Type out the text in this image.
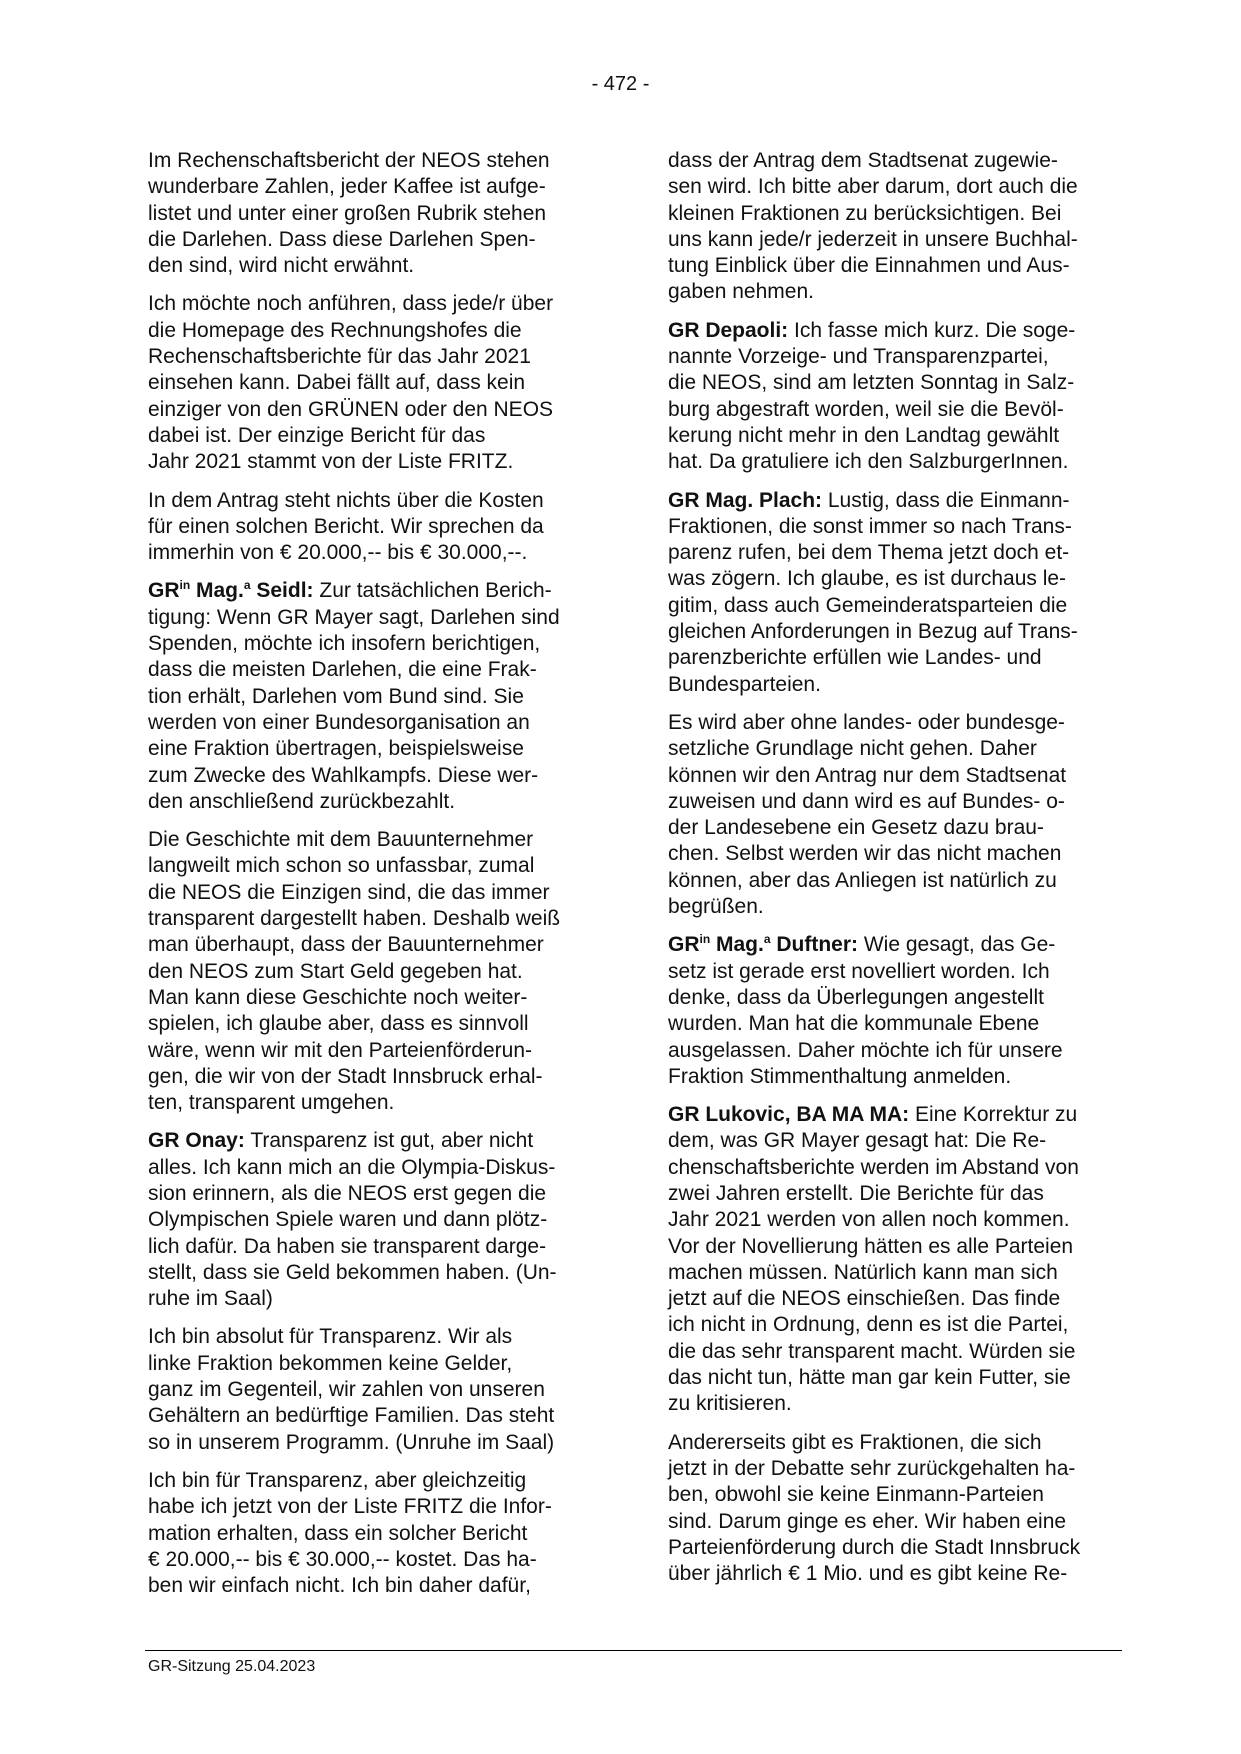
- 472 -
Im Rechenschaftsbericht der NEOS stehen
wunderbare Zahlen, jeder Kaffee ist aufge-
listet und unter einer großen Rubrik stehen
die Darlehen. Dass diese Darlehen Spen-
den sind, wird nicht erwähnt.
Ich möchte noch anführen, dass jede/r über
die Homepage des Rechnungshofes die
Rechenschaftsberichte für das Jahr 2021
einsehen kann. Dabei fällt auf, dass kein
einziger von den GRÜNEN oder den NEOS
dabei ist. Der einzige Bericht für das
Jahr 2021 stammt von der Liste FRITZ.
In dem Antrag steht nichts über die Kosten
für einen solchen Bericht. Wir sprechen da
immerhin von € 20.000,-- bis € 30.000,--.
$GR^{in}$ Mag.$^a$ Seidl: Zur tatsächlichen Berich-
tigung: Wenn GR Mayer sagt, Darlehen sind
Spenden, möchte ich insofern berichtigen,
dass die meisten Darlehen, die eine Frak-
tion erhält, Darlehen vom Bund sind. Sie
werden von einer Bundesorganisation an
eine Fraktion übertragen, beispielsweise
zum Zwecke des Wahlkampfs. Diese wer-
den anschließend zurückbezahlt.
Die Geschichte mit dem Bauunternehmer
langweilt mich schon so unfassbar, zumal
die NEOS die Einzigen sind, die das immer
transparent dargestellt haben. Deshalb weiß
man überhaupt, dass der Bauunternehmer
den NEOS zum Start Geld gegeben hat.
Man kann diese Geschichte noch weiter-
spielen, ich glaube aber, dass es sinnvoll
wäre, wenn wir mit den Parteienförderun-
gen, die wir von der Stadt Innsbruck erhal-
ten, transparent umgehen.
GR Onay: Transparenz ist gut, aber nicht
alles. Ich kann mich an die Olympia-Diskus-
sion erinnern, als die NEOS erst gegen die
Olympischen Spiele waren und dann plötz-
lich dafür. Da haben sie transparent darge-
stellt, dass sie Geld bekommen haben. (Un-
ruhe im Saal)
Ich bin absolut für Transparenz. Wir als
linke Fraktion bekommen keine Gelder,
ganz im Gegenteil, wir zahlen von unseren
Gehältern an bedürftige Familien. Das steht
so in unserem Programm. (Unruhe im Saal)
Ich bin für Transparenz, aber gleichzeitig
habe ich jetzt von der Liste FRITZ die Infor-
mation erhalten, dass ein solcher Bericht
€ 20.000,-- bis € 30.000,-- kostet. Das ha-
ben wir einfach nicht. Ich bin daher dafür,
dass der Antrag dem Stadtsenat zugewie-
sen wird. Ich bitte aber darum, dort auch die
kleinen Fraktionen zu berücksichtigen. Bei
uns kann jede/r jederzeit in unsere Buchhal-
tung Einblick über die Einnahmen und Aus-
gaben nehmen.
GR Depaoli: Ich fasse mich kurz. Die soge-
nannte Vorzeige- und Transparenzpartei,
die NEOS, sind am letzten Sonntag in Salz-
burg abgestraft worden, weil sie die Bevöl-
kerung nicht mehr in den Landtag gewählt
hat. Da gratuliere ich den SalzburgerInnen.
GR Mag. Plach: Lustig, dass die Einmann-
Fraktionen, die sonst immer so nach Trans-
parenz rufen, bei dem Thema jetzt doch et-
was zögern. Ich glaube, es ist durchaus le-
gitim, dass auch Gemeinderatsparteien die
gleichen Anforderungen in Bezug auf Trans-
parenzberichte erfüllen wie Landes- und
Bundesparteien.
Es wird aber ohne landes- oder bundesge-
setzliche Grundlage nicht gehen. Daher
können wir den Antrag nur dem Stadtsenat
zuweisen und dann wird es auf Bundes- o-
der Landesebene ein Gesetz dazu brau-
chen. Selbst werden wir das nicht machen
können, aber das Anliegen ist natürlich zu
begrüßen.
$GR^{in}$ Mag.$^a$ Duftner: Wie gesagt, das Ge-
setz ist gerade erst novelliert worden. Ich
denke, dass da Überlegungen angestellt
wurden. Man hat die kommunale Ebene
ausgelassen. Daher möchte ich für unsere
Fraktion Stimmenthaltung anmelden.
GR Lukovic, BA MA MA: Eine Korrektur zu
dem, was GR Mayer gesagt hat: Die Re-
chenschaftsberichte werden im Abstand von
zwei Jahren erstellt. Die Berichte für das
Jahr 2021 werden von allen noch kommen.
Vor der Novellierung hätten es alle Parteien
machen müssen. Natürlich kann man sich
jetzt auf die NEOS einschießen. Das finde
ich nicht in Ordnung, denn es ist die Partei,
die das sehr transparent macht. Würden sie
das nicht tun, hätte man gar kein Futter, sie
zu kritisieren.
Andererseits gibt es Fraktionen, die sich
jetzt in der Debatte sehr zurückgehalten ha-
ben, obwohl sie keine Einmann-Parteien
sind. Darum ginge es eher. Wir haben eine
Parteienförderung durch die Stadt Innsbruck
über jährlich € 1 Mio. und es gibt keine Re-
GR-Sitzung 25.04.2023
